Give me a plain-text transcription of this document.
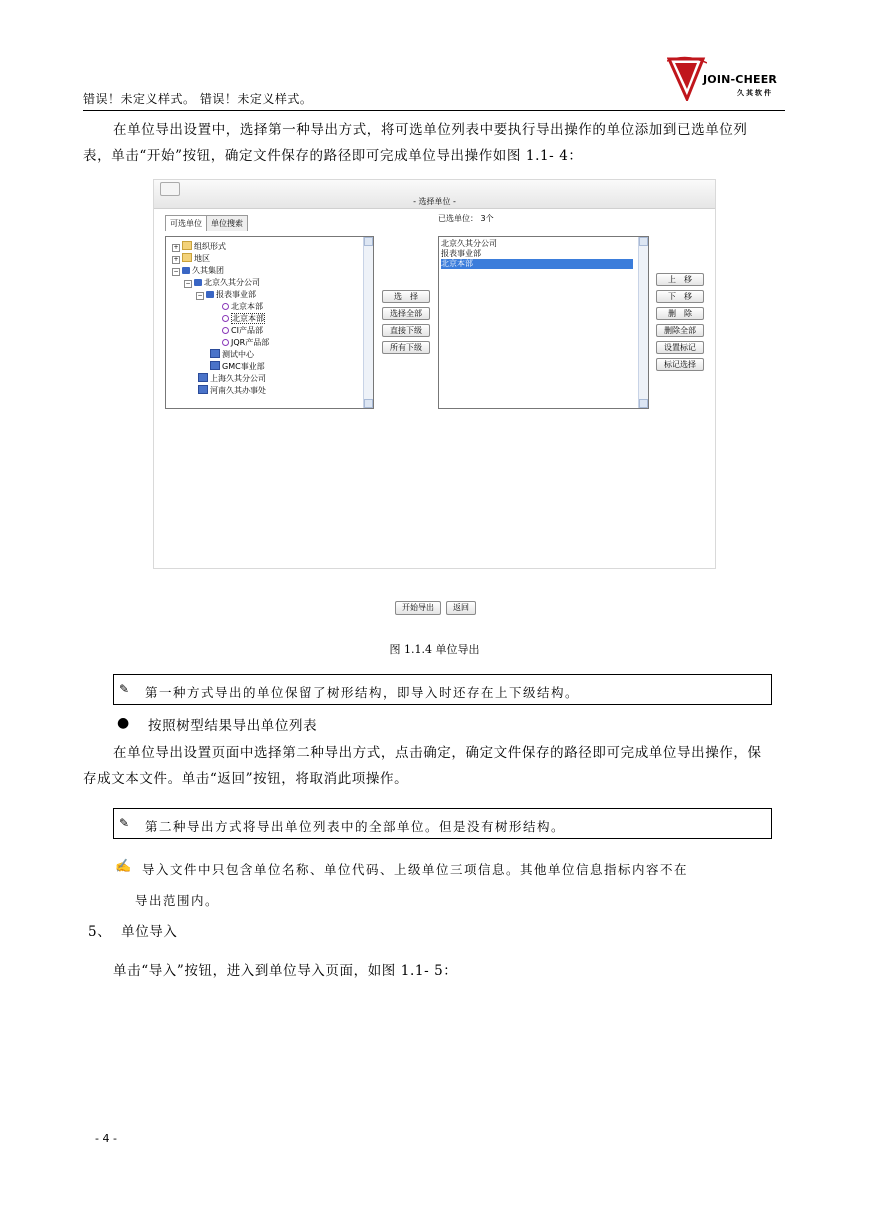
错误！未定义样式。 错误！未定义样式。
JOIN-CHEER
久其软件

在单位导出设置中，选择第一种导出方式，将可选单位列表中要执行导出操作的单位添加到已选单位列表，单击“开始”按钮，确定文件保存的路径即可完成单位导出操作如图 1.1- 4：

- 选择单位 -
可选单位 单位搜索
+ 组织形式
+ 地区
− 久其集团
− 北京久其分公司
− 报表事业部
北京本部
北京本部
CI产品部
JQR产品部
测试中心
GMC事业部
上海久其分公司
河南久其办事处
选　择
选择全部
直接下级
所有下级
已选单位： 3个
北京久其分公司
报表事业部
北京本部
上　移
下　移
删　除
删除全部
设置标记
标记选择
开始导出	返回
图 1.1.4 单位导出
✎ 第一种方式导出的单位保留了树形结构，即导入时还存在上下级结构。
● 按照树型结果导出单位列表

在单位导出设置页面中选择第二种导出方式，点击确定，确定文件保存的路径即可完成单位导出操作，保存成文本文件。单击“返回”按钮，将取消此项操作。

✎ 第二种导出方式将导出单位列表中的全部单位。但是没有树形结构。
✍ 导入文件中只包含单位名称、单位代码、上级单位三项信息。其他单位信息指标内容不在
导出范围内。
5、 单位导入

单击“导入”按钮，进入到单位导入页面，如图 1.1- 5：

- 4 -
